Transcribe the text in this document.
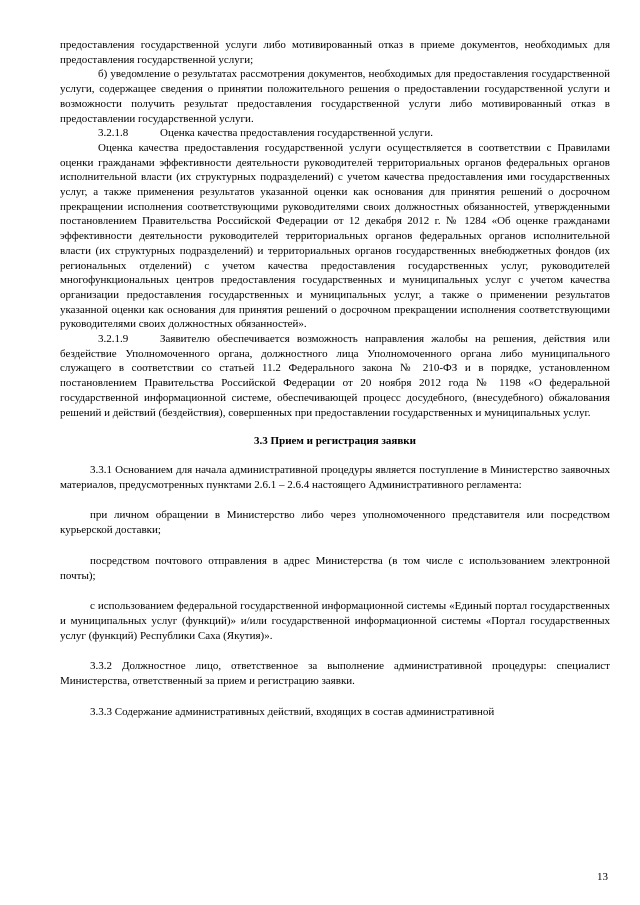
предоставления государственной услуги либо мотивированный отказ в приеме документов, необходимых для предоставления государственной услуги;

б) уведомление о результатах рассмотрения документов, необходимых для предоставления государственной услуги, содержащее сведения о принятии положительного решения о предоставлении государственной услуги и возможности получить результат предоставления государственной услуги либо мотивированный отказ в предоставлении государственной услуги.

3.2.1.8	Оценка качества предоставления государственной услуги.

Оценка качества предоставления государственной услуги осуществляется в соответствии с Правилами оценки гражданами эффективности деятельности руководителей территориальных органов федеральных органов исполнительной власти (их структурных подразделений) с учетом качества предоставления ими государственных услуг, а также применения результатов указанной оценки как основания для принятия решений о досрочном прекращении исполнения соответствующими руководителями своих должностных обязанностей, утвержденными постановлением Правительства Российской Федерации от 12 декабря 2012 г. № 1284 «Об оценке гражданами эффективности деятельности руководителей территориальных органов федеральных органов исполнительной власти (их структурных подразделений) и территориальных органов государственных внебюджетных фондов (их региональных отделений) с учетом качества предоставления государственных услуг, руководителей многофункциональных центров предоставления государственных и муниципальных услуг с учетом качества организации предоставления государственных и муниципальных услуг, а также о применении результатов указанной оценки как основания для принятия решений о досрочном прекращении исполнения соответствующими руководителями своих должностных обязанностей».

3.2.1.9	Заявителю обеспечивается возможность направления жалобы на решения, действия или бездействие Уполномоченного органа, должностного лица Уполномоченного органа либо муниципального служащего в соответствии со статьей 11.2 Федерального закона № 210-ФЗ и в порядке, установленном постановлением Правительства Российской Федерации от 20 ноября 2012 года № 1198 «О федеральной государственной информационной системе, обеспечивающей процесс досудебного, (внесудебного) обжалования решений и действий (бездействия), совершенных при предоставлении государственных и муниципальных услуг.

3.3 Прием и регистрация заявки

3.3.1 Основанием для начала административной процедуры является поступление в Министерство заявочных материалов, предусмотренных пунктами 2.6.1 – 2.6.4 настоящего Административного регламента:

при личном обращении в Министерство либо через уполномоченного представителя или посредством курьерской доставки;

посредством почтового отправления в адрес Министерства (в том числе с использованием электронной почты);

с использованием федеральной государственной информационной системы «Единый портал государственных и муниципальных услуг (функций)» и/или государственной информационной системы «Портал государственных услуг (функций) Республики Саха (Якутия)».

3.3.2 Должностное лицо, ответственное за выполнение административной процедуры: специалист Министерства, ответственный за прием и регистрацию заявки.

3.3.3 Содержание административных действий, входящих в состав административной

13
